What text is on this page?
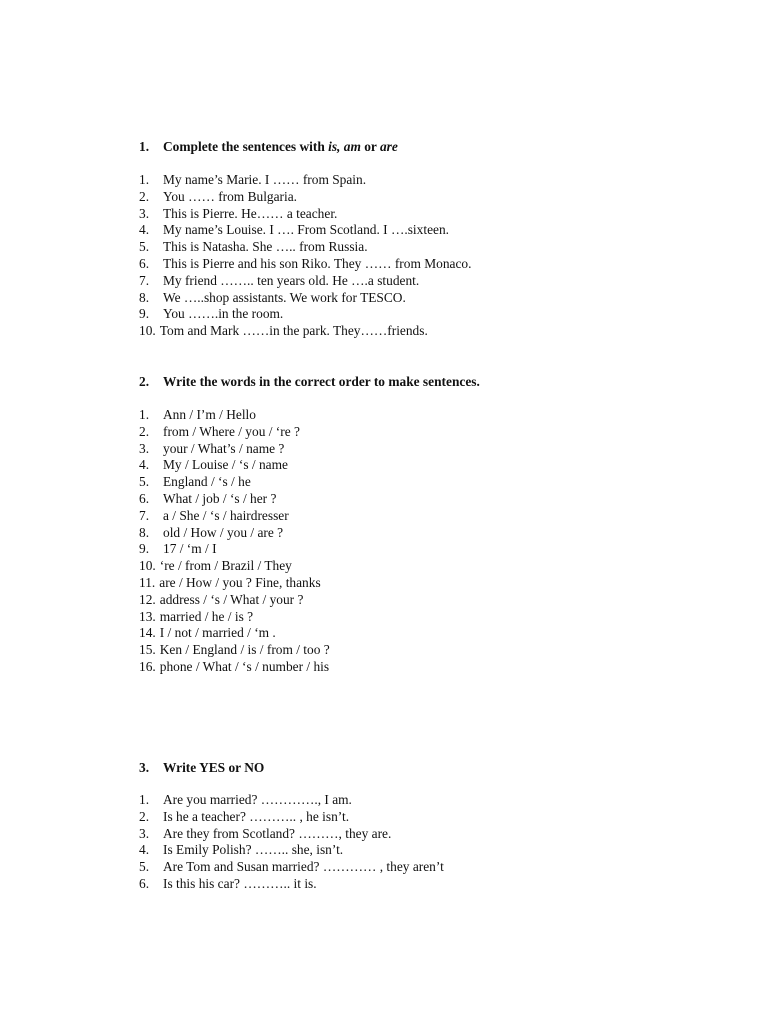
1. Complete the sentences with is, am or are
1. My name’s Marie. I …… from Spain.
2. You …… from Bulgaria.
3. This is Pierre. He…… a teacher.
4. My name’s Louise. I …. From Scotland. I ….sixteen.
5. This is Natasha. She ….. from Russia.
6. This is Pierre and his son Riko. They …… from Monaco.
7. My friend …….. ten years old. He ….a student.
8. We …..shop assistants. We work for TESCO.
9. You …….in the room.
10. Tom and Mark ……in the park. They……friends.
2. Write the words in the correct order to make sentences.
1. Ann / I’m / Hello
2. from / Where / you / ‘re ?
3. your / What’s / name ?
4. My / Louise / ‘s / name
5. England / ‘s / he
6. What / job / ‘s / her ?
7. a / She / ‘s / hairdresser
8. old / How / you / are ?
9. 17 / ‘m / I
10. ‘re / from / Brazil / They
11. are / How / you ? Fine, thanks
12. address / ‘s / What / your ?
13. married / he / is ?
14. I / not / married / ‘m .
15. Ken / England / is / from / too ?
16. phone / What / ‘s / number / his
3. Write YES or NO
1. Are you married? …………., I am.
2. Is he a teacher? ……….. , he isn’t.
3. Are they from Scotland? ………, they are.
4. Is Emily Polish? …….. she, isn’t.
5. Are Tom and Susan married? ………… , they aren’t
6. Is this his car? ……….. it is.
